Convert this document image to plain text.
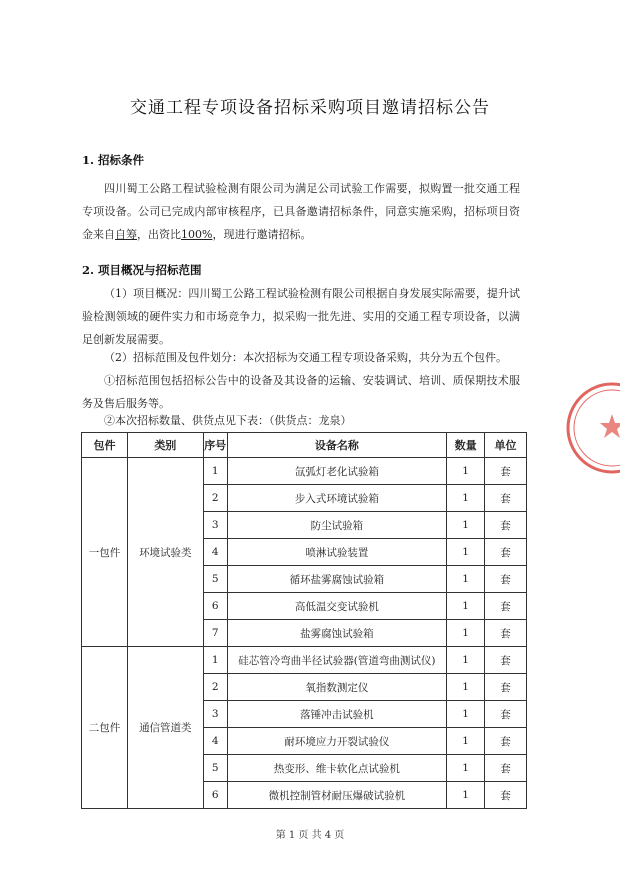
交通工程专项设备招标采购项目邀请招标公告
1. 招标条件
四川蜀工公路工程试验检测有限公司为满足公司试验工作需要，拟购置一批交通工程专项设备。公司已完成内部审核程序，已具备邀请招标条件，同意实施采购，招标项目资金来自自筹，出资比100%，现进行邀请招标。
2. 项目概况与招标范围
（1）项目概况：四川蜀工公路工程试验检测有限公司根据自身发展实际需要，提升试验检测领域的硬件实力和市场竞争力，拟采购一批先进、实用的交通工程专项设备，以满足创新发展需要。
（2）招标范围及包件划分：本次招标为交通工程专项设备采购，共分为五个包件。
①招标范围包括招标公告中的设备及其设备的运输、安装调试、培训、质保期技术服务及售后服务等。
②本次招标数量、供货点见下表：（供货点：龙泉）
包件	类别	序号	设备名称	数量	单位
一包件	环境试验类	1	氙弧灯老化试验箱	1	套
		2	步入式环境试验箱	1	套
		3	防尘试验箱	1	套
		4	喷淋试验装置	1	套
		5	循环盐雾腐蚀试验箱	1	套
		6	高低温交变试验机	1	套
		7	盐雾腐蚀试验箱	1	套
二包件	通信管道类	1	硅芯管冷弯曲半径试验器(管道弯曲测试仪)	1	套
		2	氧指数测定仪	1	套
		3	落锤冲击试验机	1	套
		4	耐环境应力开裂试验仪	1	套
		5	热变形、维卡软化点试验机	1	套
		6	微机控制管材耐压爆破试验机	1	套
第 1 页 共 4 页
